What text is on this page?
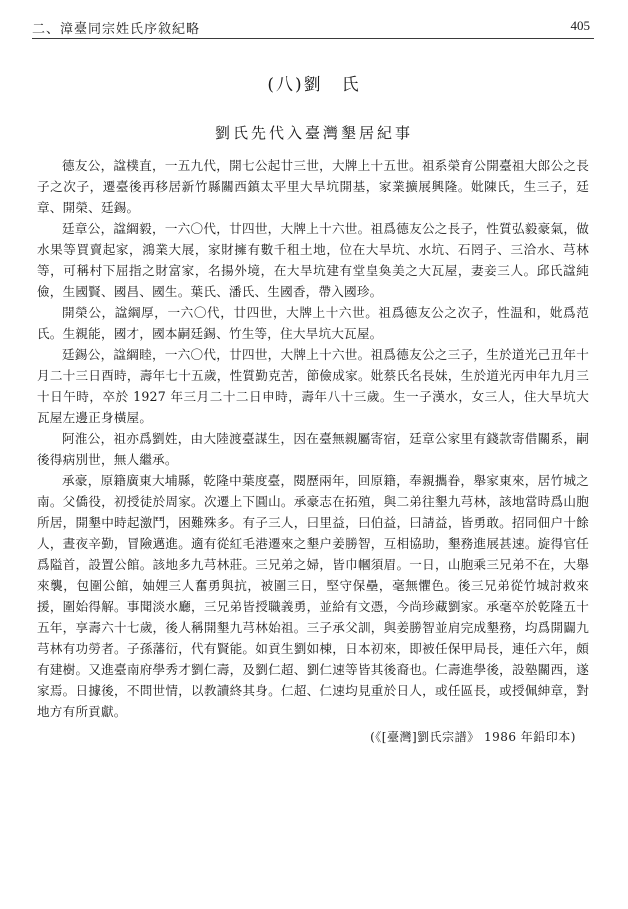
二、漳臺同宗姓氏序敘紀略	405
(八)劉　氏
劉氏先代入臺灣墾居紀事

德友公，諡樸直，一五九代，開七公起廿三世，大牌上十五世。祖系榮育公開臺祖大郎公之長子之次子，遷臺後再移居新竹縣關西鎮太平里大旱坑開基，家業擴展興隆。妣陳氏，生三子，廷章、開榮、廷錫。

廷章公，諡綱毅，一六〇代，廿四世，大牌上十六世。祖爲德友公之長子，性質弘毅豪氣，做水果等買賣起家，鴻業大展，家財擁有數千租土地，位在大旱坑、水坑、石罔子、三洽水、芎林等，可稱村下屈指之財富家，名揚外境，在大旱坑建有堂皇奐美之大瓦屋，妻妾三人。邱氏諡純儉，生國賢、國昌、國生。葉氏、潘氏、生國香，帶入國珍。

開榮公，諡綱厚，一六〇代，廿四世，大牌上十六世。祖爲德友公之次子，性温和，妣爲范氏。生親能，國才，國本嗣廷錫、竹生等，住大旱坑大瓦屋。

廷錫公，諡綱睦，一六〇代，廿四世，大牌上十六世。祖爲德友公之三子，生於道光己丑年十月二十三日酉時，壽年七十五歲，性質勤克苦，節儉成家。妣蔡氏名長妹，生於道光丙申年九月三十日午時，卒於 1927 年三月二十二日申時，壽年八十三歲。生一子漢水，女三人，住大旱坑大瓦屋左邊正身橫屋。

阿淮公，祖亦爲劉姓，由大陸渡臺謀生，因在臺無親屬寄宿，廷章公家里有錢款寄借關系，嗣後得病別世，無人繼承。

承豪，原籍廣東大埔縣，乾隆中葉度臺，閱歷兩年，回原籍，奉親攜眷，舉家東來，居竹城之南。父僑役，初授徒於周家。次遷上下圓山。承豪志在拓殖，與二弟往墾九芎林，該地當時爲山胞所居，開墾中時起激鬥，困難殊多。有子三人，曰里益，曰伯益，曰請益，皆勇敢。招同佃户十餘人，晝夜辛勤，冒險邁進。適有從紅毛港遷來之墾户姜勝智，互相協助，墾務進展甚速。旋得官任爲隘首，設置公館。該地多九芎林莊。三兄弟之婦，皆巾幗須眉。一日，山胞乘三兄弟不在，大舉來襲，包圍公館，妯娌三人奮勇與抗，被圍三日，堅守保壘，毫無懼色。後三兄弟從竹城討救來援，圍始得解。事聞淡水廳，三兄弟皆授職義勇，並給有文憑，今尚珍藏劉家。承毫卒於乾隆五十五年，享壽六十七歲，後人稱開墾九芎林始祖。三子承父訓，與姜勝智並肩完成墾務，均爲開闢九芎林有功勞者。子孫藩衍，代有賢能。如貢生劉如棟，日本初來，即被任保甲局長，連任六年，頗有建樹。又進臺南府學秀才劉仁壽，及劉仁超、劉仁速等皆其後裔也。仁壽進學後，設塾關西，遂家焉。日據後，不問世情，以教讀終其身。仁超、仁速均見重於日人，或任區長，或授佩紳章，對地方有所貢獻。

(《[臺灣]劉氏宗譜》 1986 年鉛印本)
